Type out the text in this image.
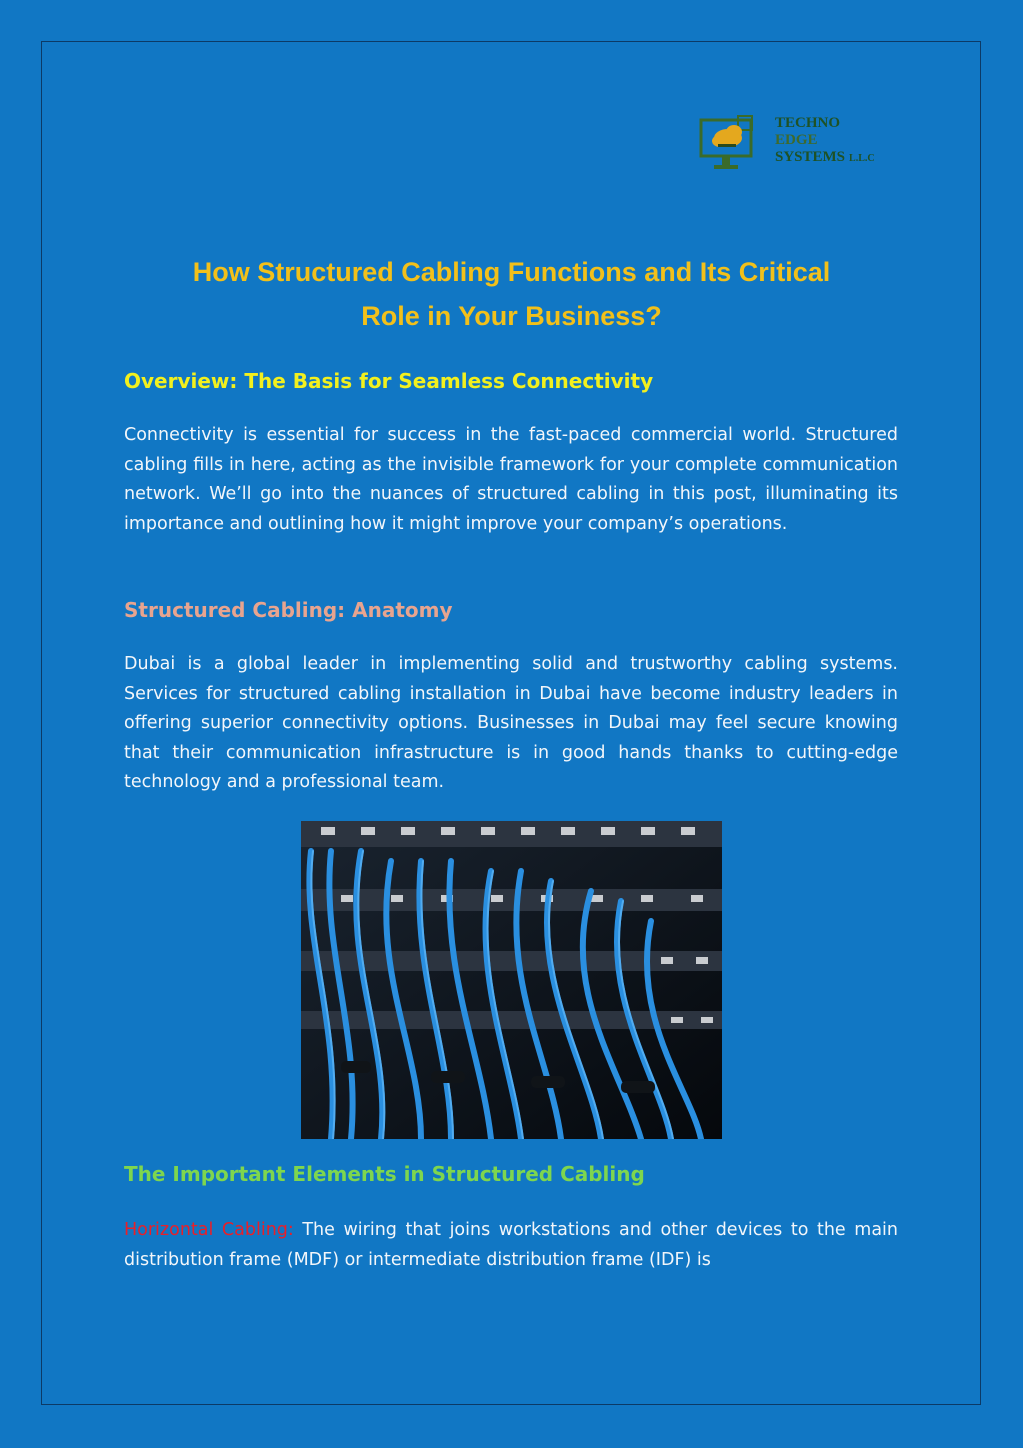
TECHNO
EDGE
SYSTEMS L.L.C
How Structured Cabling Functions and Its Critical
Role in Your Business?
Overview: The Basis for Seamless Connectivity

Connectivity is essential for success in the fast-paced commercial world. Structured cabling fills in here, acting as the invisible framework for your complete communication network. We’ll go into the nuances of structured cabling in this post, illuminating its importance and outlining how it might improve your company’s operations.

Structured Cabling: Anatomy

Dubai is a global leader in implementing solid and trustworthy cabling systems. Services for structured cabling installation in Dubai have become industry leaders in offering superior connectivity options. Businesses in Dubai may feel secure knowing that their communication infrastructure is in good hands thanks to cutting-edge technology and a professional team.

The Important Elements in Structured Cabling

Horizontal Cabling: The wiring that joins workstations and other devices to the main distribution frame (MDF) or intermediate distribution frame (IDF) is
